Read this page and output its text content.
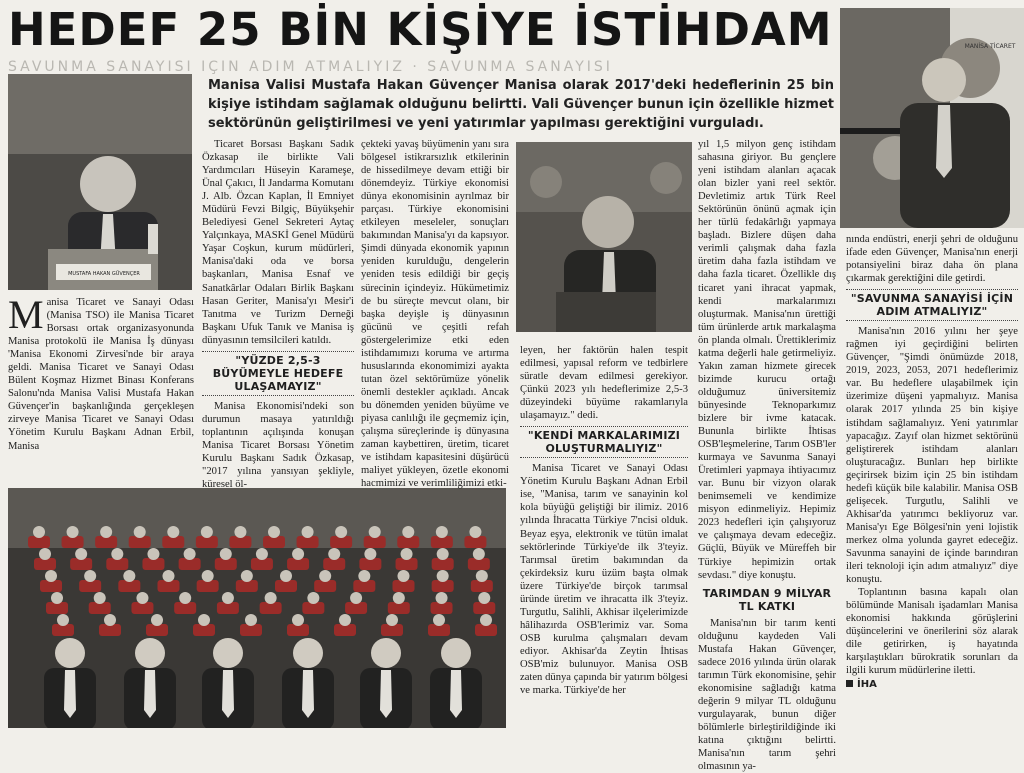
HEDEF 25 BİN KİŞİYE İSTİHDAM
SAVUNMA SANAYİSİ İÇİN ADIM ATMALIYIZ · SAVUNMA SANAYİSİ
MUSTAFA HAKAN GÜVENÇER
Manisa Valisi Mustafa Hakan Güvençer Manisa olarak 2017'deki hedeflerinin 25 bin kişiye istihdam sağlamak olduğunu belirtti. Vali Güvençer bunun için özellikle hizmet sektörünün geliştirilmesi ve yeni yatırımlar yapılması gerektiğini vurguladı.
MANİSA TİCARET

Manisa Ticaret ve Sanayi Odası (Manisa TSO) ile Manisa Ticaret Borsası ortak organizasyonunda Manisa protokolü ile Manisa İş dünyası 'Manisa Ekonomi Zirvesi'nde bir araya geldi. Manisa Ticaret ve Sanayi Odası Bülent Koşmaz Hizmet Binası Konferans Salonu'nda Manisa Valisi Mustafa Hakan Güvençer'in başkanlığında gerçekleşen zirveye Manisa Ticaret ve Sanayi Odası Yönetim Kurulu Başkanı Adnan Erbil, Manisa

Ticaret Borsası Başkanı Sadık Özkasap ile birlikte Vali Yardımcıları Hüseyin Karameşe, Ünal Çakıcı, İl Jandarma Komutanı J. Alb. Özcan Kaplan, İl Emniyet Müdürü Fevzi Bilgiç, Büyükşehir Belediyesi Genel Sekreteri Aytaç Yalçınkaya, MASKİ Genel Müdürü Yaşar Coşkun, kurum müdürleri, Manisa'daki oda ve borsa başkanları, Manisa Esnaf ve Sanatkârlar Odaları Birlik Başkanı Hasan Geriter, Manisa'yı Mesir'i Tanıtma ve Turizm Derneği Başkanı Ufuk Tanık ve Manisa iş dünyasının temsilcileri katıldı.

"YÜZDE 2,5-3 BÜYÜMEYLE HEDEFE ULAŞAMAYIZ"

Manisa Ekonomisi'ndeki son durumun masaya yatırıldığı toplantının açılışında konuşan Manisa Ticaret Borsası Yönetim Kurulu Başkanı Sadık Özkasap, "2017 yılına yansıyan şekliyle, küresel öl-

çekteki yavaş büyümenin yanı sıra bölgesel istikrarsızlık etkilerinin de hissedilmeye devam ettiği bir dönemdeyiz. Türkiye ekonomisi dünya ekonomisinin ayrılmaz bir parçası. Türkiye ekonomisini etkileyen meseleler, sonuçları bakımından Manisa'yı da kapsıyor. Şimdi dünyada ekonomik yapının yeniden kurulduğu, dengelerin yeniden tesis edildiği bir geçiş sürecinin içindeyiz. Hükümetimiz de bu süreçte mevcut olanı, bir başka deyişle iş dünyasının gücünü ve çeşitli refah göstergelerimize etki eden istihdamımızı koruma ve artırma hususlarında ekonomimizi ayakta tutan özel sektörümüze yönelik önemli destekler açıkladı. Ancak bu dönemden yeniden büyüme ve piyasa canlılığı ile geçmemiz için, çalışma süreçlerinde iş dünyasına zaman kaybettiren, üretim, ticaret ve istihdam kapasitesini düşürücü maliyet yükleyen, özetle ekonomi hacmimizi ve verimliliğimizi etki-

leyen, her faktörün halen tespit edilmesi, yapısal reform ve tedbirlere süratle devam edilmesi gerekiyor. Çünkü 2023 yılı hedeflerimize 2,5-3 düzeyindeki büyüme rakamlarıyla ulaşamayız." dedi.

"KENDİ MARKALARIMIZI OLUŞTURMALIYIZ"

Manisa Ticaret ve Sanayi Odası Yönetim Kurulu Başkanı Adnan Erbil ise, "Manisa, tarım ve sanayinin kol kola büyüğü geliştiği bir ilimiz. 2016 yılında İhracatta Türkiye 7'ncisi olduk. Beyaz eşya, elektronik ve tütün imalat sektörlerinde Türkiye'de ilk 3'teyiz. Tarımsal üretim bakımından da çekirdeksiz kuru üzüm başta olmak üzere Türkiye'de birçok tarımsal üründe üretim ve ihracatta ilk 3'teyiz. Turgutlu, Salihli, Akhisar ilçelerimizde hâlihazırda OSB'lerimiz var. Soma OSB kurulma çalışmaları devam ediyor. Akhisar'da Zeytin İhtisas OSB'miz bulunuyor. Manisa OSB zaten dünya çapında bir yatırım bölgesi ve marka. Türkiye'de her

yıl 1,5 milyon genç istihdam sahasına giriyor. Bu gençlere yeni istihdam alanları açacak olan bizler yani reel sektör. Devletimiz artık Türk Reel Sektörünün önünü açmak için her türlü fedakârlığı yapmaya başladı. Bizlere düşen daha verimli çalışmak daha fazla üretim daha fazla istihdam ve daha fazla ticaret. Özellikle dış ticaret yani ihracat yapmak, kendi markalarımızı oluşturmak. Manisa'nın ürettiği tüm ürünlerde artık markalaşma ön planda olmalı. Ürettiklerimiz katma değerli hale getirmeliyiz. Yakın zaman hizmete girecek bizimde kurucu ortağı olduğumuz üniversitemiz bünyesinde Teknoparkımız bizlere bir ivme katacak. Bununla birlikte İhtisas OSB'leşmelerine, Tarım OSB'ler kurmaya ve Savunma Sanayi Üretimleri yapmaya ihtiyacımız var. Bunu bir vizyon olarak benimsemeli ve kendimize misyon edinmeliyiz. Hepimiz 2023 hedefleri için çalışıyoruz ve çalışmaya devam edeceğiz. Güçlü, Büyük ve Müreffeh bir Türkiye hepimizin ortak sevdası." diye konuştu.

TARIMDAN 9 MİLYAR TL KATKI

Manisa'nın bir tarım kenti olduğunu kaydeden Vali Mustafa Hakan Güvençer, sadece 2016 yılında ürün olarak tarımın Türk ekonomisine, şehir ekonomisine sağladığı katma değerin 9 milyar TL olduğunu vurgulayarak, bunun diğer bölümlerle birleştirildiğinde iki katına çıktığını belirtti. Manisa'nın tarım şehri olmasının ya-

nında endüstri, enerji şehri de olduğunu ifade eden Güvençer, Manisa'nın enerji potansiyelini biraz daha ön plana çıkarmak gerektiğini dile getirdi.

"SAVUNMA SANAYİSİ İÇİN ADIM ATMALIYIZ"

Manisa'nın 2016 yılını her şeye rağmen iyi geçirdiğini belirten Güvençer, "Şimdi önümüzde 2018, 2019, 2023, 2053, 2071 hedeflerimiz var. Bu hedeflere ulaşabilmek için üzerimize düşeni yapmalıyız. Manisa olarak 2017 yılında 25 bin kişiye istihdam sağlamalıyız. Yeni yatırımlar yapacağız. Zayıf olan hizmet sektörünü geliştirerek istihdam alanları oluşturacağız. Bunları hep birlikte geçirirsek bizim için 25 bin istihdam hedefi küçük bile kalabilir. Manisa OSB gelişecek. Turgutlu, Salihli ve Akhisar'da yatırımcı bekliyoruz var. Manisa'yı Ege Bölgesi'nin yeni lojistik merkez olma yolunda gayret edeceğiz. Savunma sanayini de içinde barındıran ileri teknoloji için adım atmalıyız" diye konuştu.

Toplantının basına kapalı olan bölümünde Manisalı işadamları Manisa ekonomisi hakkında görüşlerini düşüncelerini ve önerilerini söz alarak dile getirirken, iş hayatında karşılaştıkları bürokratik sorunları da ilgili kurum müdürlerine iletti.

İHA
